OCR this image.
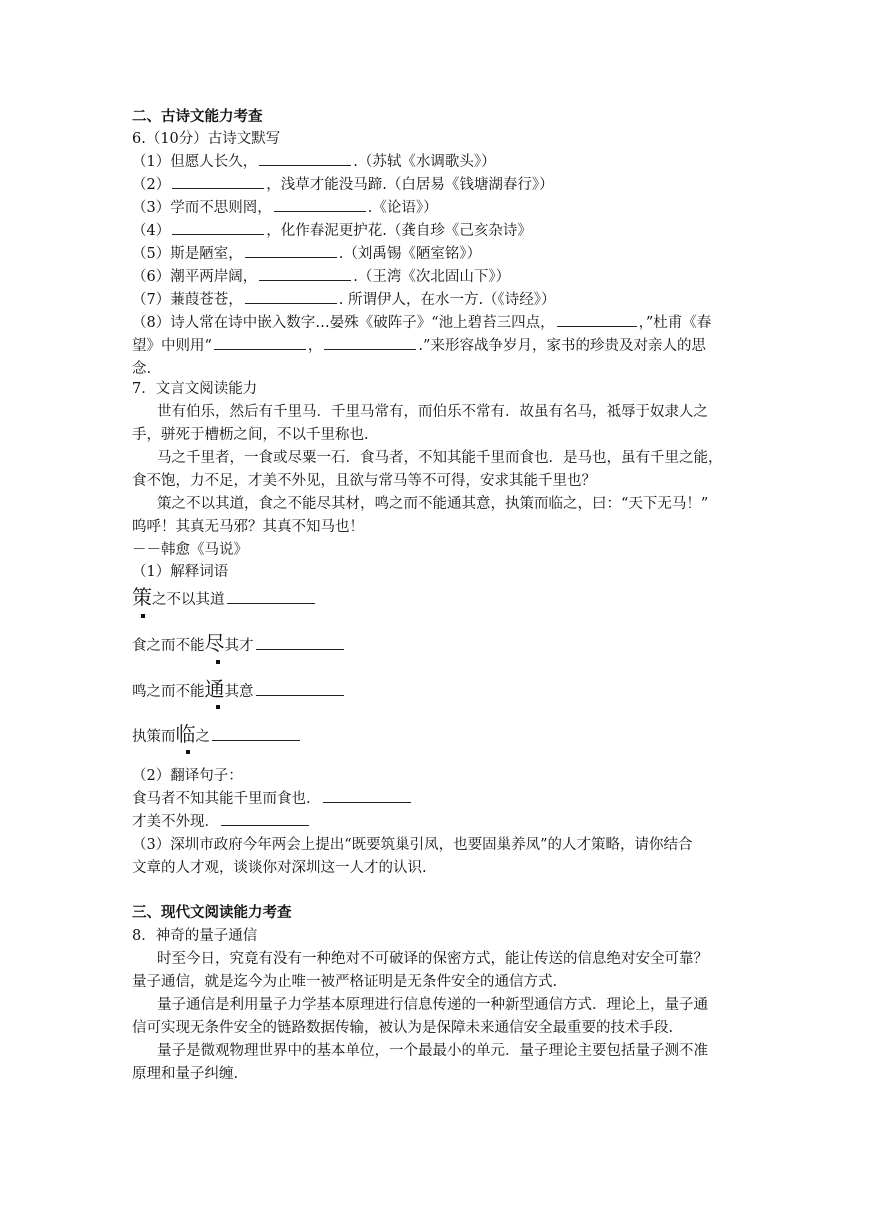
二、古诗文能力考查
6.（10分）古诗文默写
（1）但愿人长久，	.（苏轼《水调歌头》）
（2）	，浅草才能没马蹄.（白居易《钱塘湖春行》）
（3）学而不思则罔，	.《论语》）
（4）	，化作春泥更护花.（龚自珍《己亥杂诗》
（5）斯是陋室，	.（刘禹锡《陋室铭》）
（6）潮平两岸阔，	.（王湾《次北固山下》）
（7）蒹葭苍苍，	. 所谓伊人，在水一方.（《诗经》）
（8）诗人常在诗中嵌入数字…晏殊《破阵子》“池上碧苔三四点，	，”杜甫《春
望》中则用“	，	.”来形容战争岁月，家书的珍贵及对亲人的思
念.
7．文言文阅读能力
世有伯乐，然后有千里马．千里马常有，而伯乐不常有．故虽有名马，祗辱于奴隶人之
手，骈死于槽枥之间，不以千里称也.
马之千里者，一食或尽粟一石．食马者，不知其能千里而食也．是马也，虽有千里之能，
食不饱，力不足，才美不外见，且欲与常马等不可得，安求其能千里也？
策之不以其道，食之不能尽其材，鸣之而不能通其意，执策而临之，曰：“天下无马！”
呜呼！其真无马邪？其真不知马也！
－－韩愈《马说》
（1）解释词语
策之不以其道
食之而不能尽其才
鸣之而不能通其意
执策而临之
（2）翻译句子：
食马者不知其能千里而食也．
才美不外现．
（3）深圳市政府今年两会上提出“既要筑巢引凤，也要固巢养凤”的人才策略，请你结合
文章的人才观，谈谈你对深圳这一人才的认识.
三、现代文阅读能力考查
8．神奇的量子通信
时至今日，究竟有没有一种绝对不可破译的保密方式，能让传送的信息绝对安全可靠？
量子通信，就是迄今为止唯一被严格证明是无条件安全的通信方式.
量子通信是利用量子力学基本原理进行信息传递的一种新型通信方式．理论上，量子通
信可实现无条件安全的链路数据传输，被认为是保障未来通信安全最重要的技术手段.
量子是微观物理世界中的基本单位，一个最最小的单元．量子理论主要包括量子测不准
原理和量子纠缠.
